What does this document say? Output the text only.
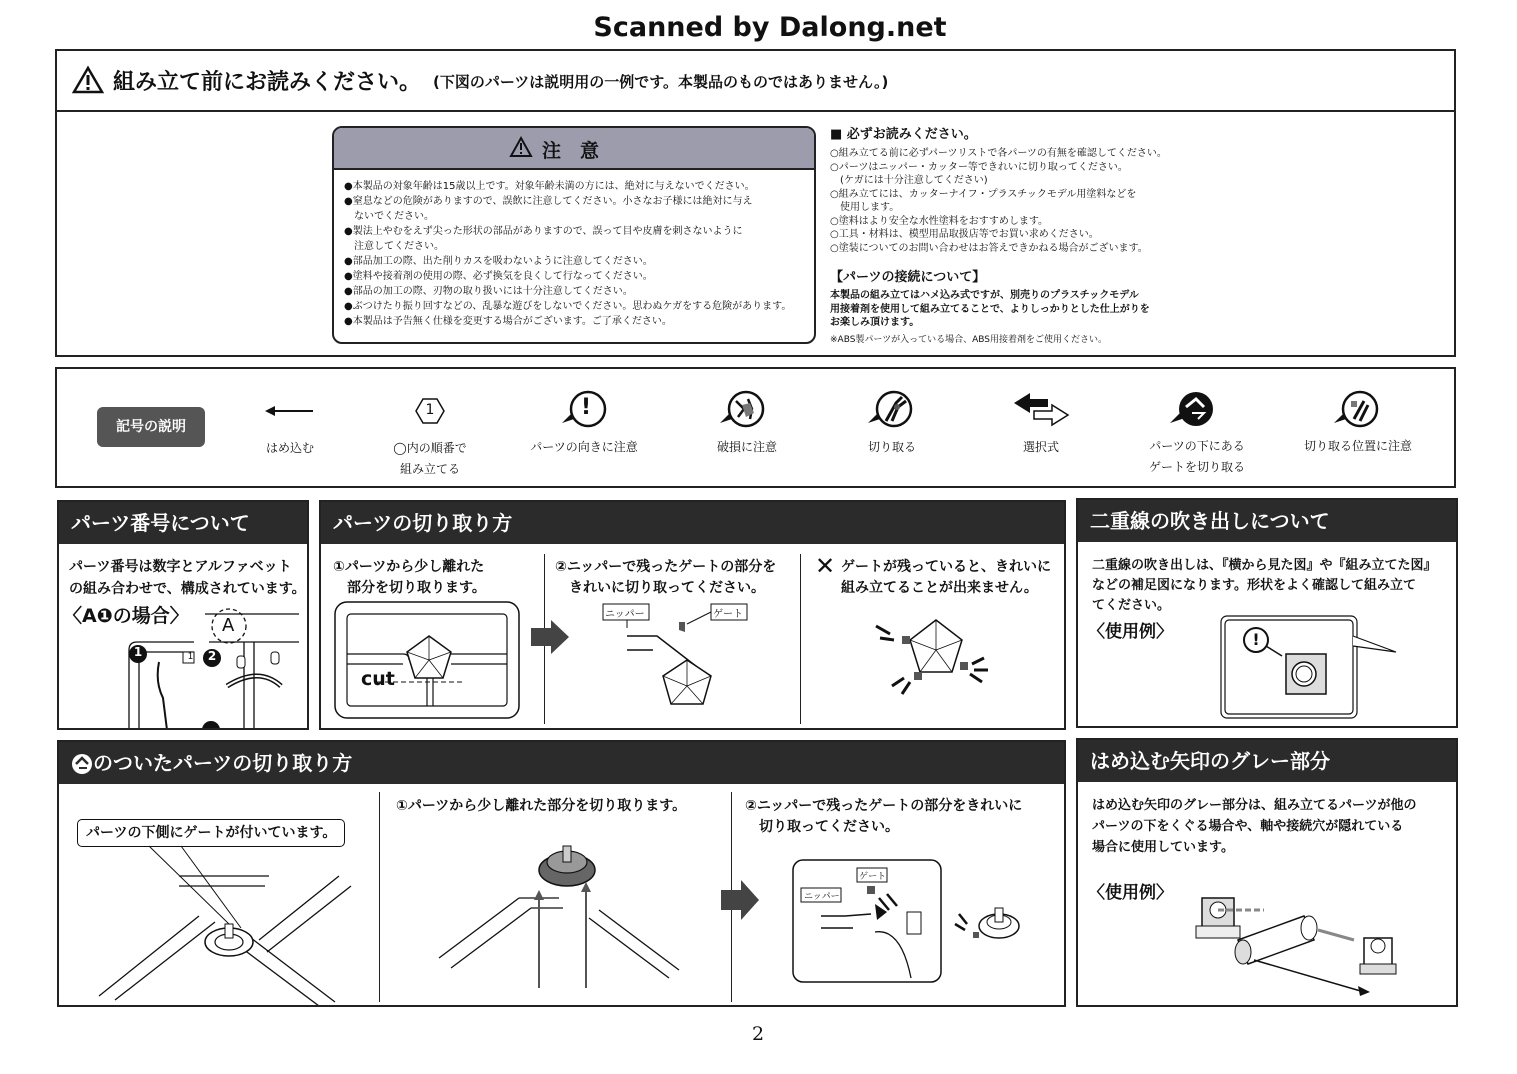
Scanned by Dalong.net
組み立て前にお読みください。 (下図のパーツは説明用の一例です。本製品のものではありません。)
注　意
●本製品の対象年齢は15歳以上です。対象年齢未満の方には、絶対に与えないでください。
●窒息などの危険がありますので、誤飲に注意してください。小さなお子様には絶対に与え
　ないでください。
●製法上やむをえず尖った形状の部品がありますので、誤って目や皮膚を刺さないように
　注意してください。
●部品加工の際、出た削りカスを吸わないように注意してください。
●塗料や接着剤の使用の際、必ず換気を良くして行なってください。
●部品の加工の際、刃物の取り扱いには十分注意してください。
●ぶつけたり振り回すなどの、乱暴な遊びをしないでください。思わぬケガをする危険があります。
●本製品は予告無く仕様を変更する場合がございます。ご了承ください。
■ 必ずお読みください。
○組み立てる前に必ずパーツリストで各パーツの有無を確認してください。
○パーツはニッパー・カッター等できれいに切り取ってください。
　(ケガには十分注意してください)
○組み立てには、カッターナイフ・プラスチックモデル用塗料などを
　使用します。
○塗料はより安全な水性塗料をおすすめします。
○工具・材料は、模型用品取扱店等でお買い求めください。
○塗装についてのお問い合わせはお答えできかねる場合がございます。
【パーツの接続について】
本製品の組み立てはハメ込み式ですが、別売りのプラスチックモデル
用接着剤を使用して組み立てることで、よりしっかりとした仕上がりを
お楽しみ頂けます。
※ABS製パーツが入っている場合、ABS用接着剤をご使用ください。
記号の説明
1	!
はめ込む	◯内の順番で
組み立てる
パーツの向きに注意	破損に注意	切り取る	選択式	パーツの下にある
ゲートを切り取る
切り取る位置に注意
パーツ番号について
パーツ番号は数字とアルファベット
の組み合わせで、構成されています。
〈A❶の場合〉 A
1	2
1
パーツの切り取り方
①パーツから少し離れた
　部分を切り取ります。
cut
②ニッパーで残ったゲートの部分を
　きれいに切り取ってください。
ニッパー	ゲート
✕ ゲートが残っていると、きれいに
組み立てることが出来ません。
二重線の吹き出しについて
二重線の吹き出しは、『横から見た図』や『組み立てた図』
などの補足図になります。形状をよく確認して組み立て
てください。
〈使用例〉	!
のついたパーツの切り取り方
パーツの下側にゲートが付いています。
①パーツから少し離れた部分を切り取ります。	②ニッパーで残ったゲートの部分をきれいに
　切り取ってください。
ゲート
ニッパー
はめ込む矢印のグレー部分
はめ込む矢印のグレー部分は、組み立てるパーツが他の
パーツの下をくぐる場合や、軸や接続穴が隠れている
場合に使用しています。
〈使用例〉
2
